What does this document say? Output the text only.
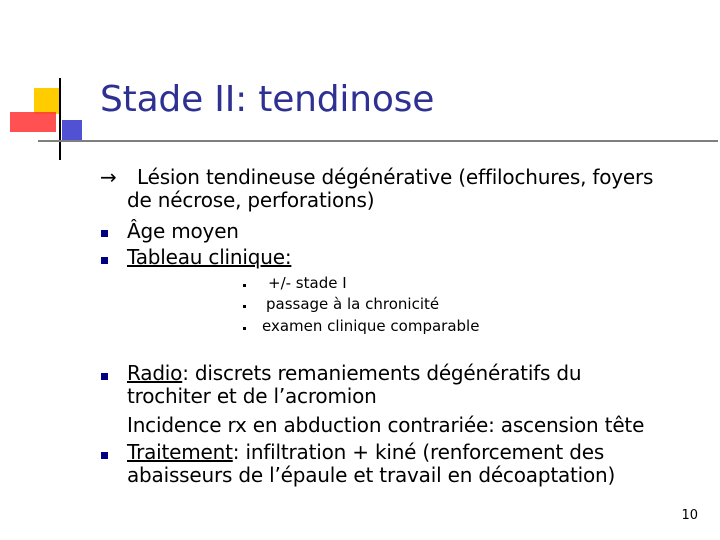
Stade II: tendinose
→ Lésion tendineuse dégénérative (effilochures, foyers
de nécrose, perforations)
Âge moyen
Tableau clinique:
+/- stade I
passage à la chronicité
examen clinique comparable
Radio: discrets remaniements dégénératifs du
trochiter et de l’acromion
Incidence rx en abduction contrariée: ascension tête
Traitement: infiltration + kiné (renforcement des
abaisseurs de l’épaule et travail en décoaptation)
10
